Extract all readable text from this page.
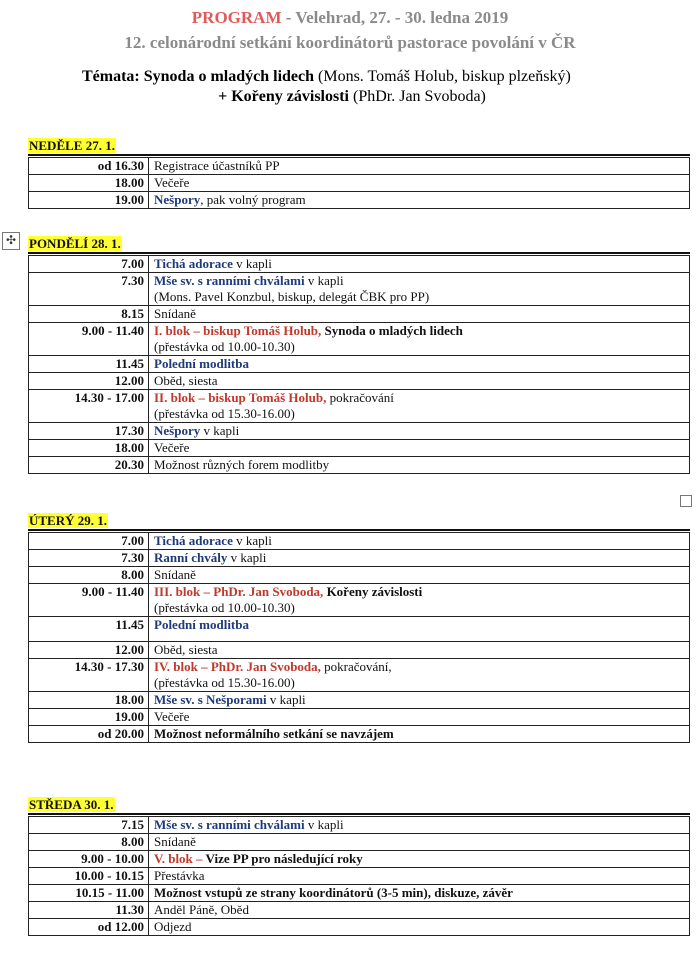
PROGRAM - Velehrad, 27. - 30. ledna 2019
12. celonárodní setkání koordinátorů pastorace povolání v ČR
Témata: Synoda o mladých lidech (Mons. Tomáš Holub, biskup plzeňský)
+ Kořeny závislosti (PhDr. Jan Svoboda)
✣
NEDĚLE 27. 1.
od 16.30	Registrace účastníků PP
18.00	Večeře
19.00	Nešpory, pak volný program
PONDĚLÍ 28. 1.
7.00	Tichá adorace v kapli
7.30	Mše sv. s ranními chválami v kapli
(Mons. Pavel Konzbul, biskup, delegát ČBK pro PP)
8.15	Snídaně
9.00 - 11.40	I. blok – biskup Tomáš Holub, Synoda o mladých lidech
(přestávka od 10.00-10.30)
11.45	Polední modlitba
12.00	Oběd, siesta
14.30 - 17.00	II. blok – biskup Tomáš Holub, pokračování
(přestávka od 15.30-16.00)
17.30	Nešpory v kapli
18.00	Večeře
20.30	Možnost různých forem modlitby
ÚTERÝ 29. 1.
7.00	Tichá adorace v kapli
7.30	Ranní chvály v kapli
8.00	Snídaně
9.00 - 11.40	III. blok – PhDr. Jan Svoboda, Kořeny závislosti
(přestávka od 10.00-10.30)
11.45	Polední modlitba
12.00	Oběd, siesta
14.30 - 17.30	IV. blok – PhDr. Jan Svoboda, pokračování,
(přestávka od 15.30-16.00)
18.00	Mše sv. s Nešporami v kapli
19.00	Večeře
od 20.00	Možnost neformálního setkání se navzájem
STŘEDA 30. 1.
7.15	Mše sv. s ranními chválami v kapli
8.00	Snídaně
9.00 - 10.00	V. blok – Vize PP pro následující roky
10.00 - 10.15	Přestávka
10.15 - 11.00	Možnost vstupů ze strany koordinátorů (3-5 min), diskuze, závěr
11.30	Anděl Páně, Oběd
od 12.00	Odjezd
